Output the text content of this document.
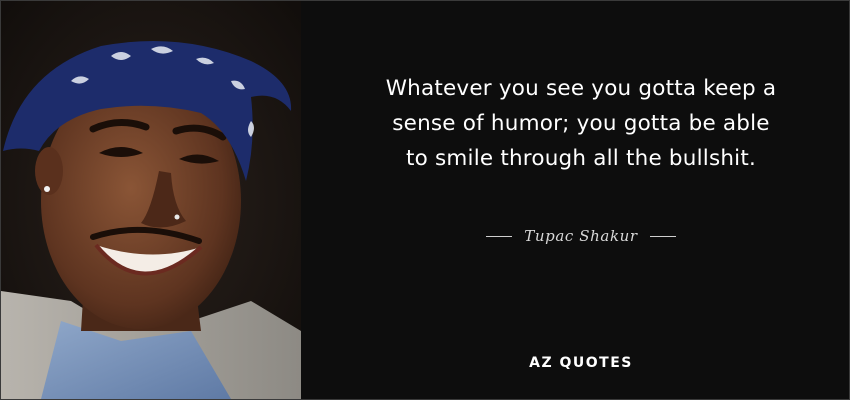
Whatever you see you gotta keep a
sense of humor; you gotta be able
to smile through all the bullshit.
Tupac Shakur
AZ QUOTES
